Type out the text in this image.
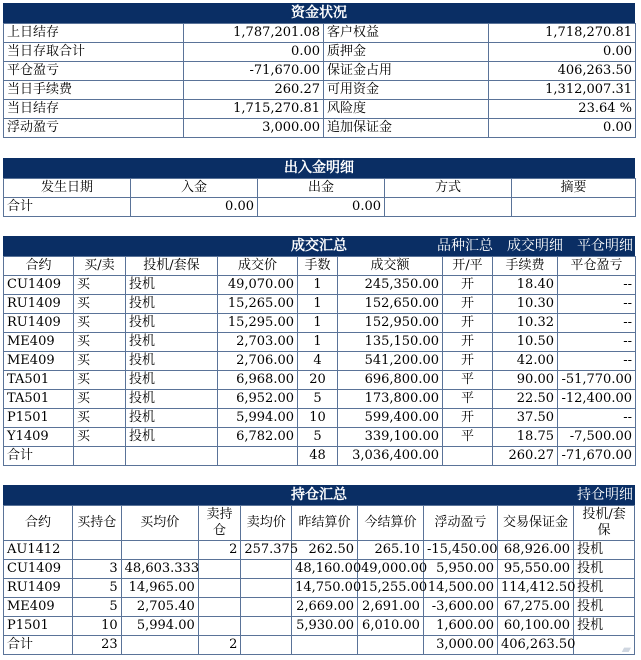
资金状况
上日结存	1,787,201.08	客户权益	1,718,270.81
当日存取合计	0.00	质押金	0.00
平仓盈亏	-71,670.00	保证金占用	406,263.50
当日手续费	260.27	可用资金	1,312,007.31
当日结存	1,715,270.81	风险度	23.64 %
浮动盈亏	3,000.00	追加保证金	0.00
出入金明细
发生日期	入金	出金	方式	摘要
合计	0.00	0.00		
成交汇总	品种汇总 成交明细 平仓明细
合约	买/卖	投机/套保	成交价	手数	成交额	开/平	手续费	平仓盈亏
CU1409	买	投机	49,070.00	1	245,350.00	开	18.40	--
RU1409	买	投机	15,265.00	1	152,650.00	开	10.30	--
RU1409	买	投机	15,295.00	1	152,950.00	开	10.32	--
ME409	买	投机	2,703.00	1	135,150.00	开	10.50	--
ME409	买	投机	2,706.00	4	541,200.00	开	42.00	--
TA501	买	投机	6,968.00	20	696,800.00	平	90.00	-51,770.00
TA501	买	投机	6,952.00	5	173,800.00	平	22.50	-12,400.00
P1501	买	投机	5,994.00	10	599,400.00	开	37.50	--
Y1409	买	投机	6,782.00	5	339,100.00	平	18.75	-7,500.00
合计				48	3,036,400.00		260.27	-71,670.00
持仓汇总	持仓明细
合约	买持仓	买均价	卖持仓	卖均价	昨结算价	今结算价	浮动盈亏	交易保证金	投机/套保
AU1412			2	257.375	262.50	265.10	-15,450.00	68,926.00	投机
CU1409	3	48,603.333			48,160.00	49,000.00	5,950.00	95,550.00	投机
RU1409	5	14,965.00			14,750.00	15,255.00	14,500.00	114,412.50	投机
ME409	5	2,705.40			2,669.00	2,691.00	-3,600.00	67,275.00	投机
P1501	10	5,994.00			5,930.00	6,010.00	1,600.00	60,100.00	投机
合计	23		2				3,000.00	406,263.50		▰
